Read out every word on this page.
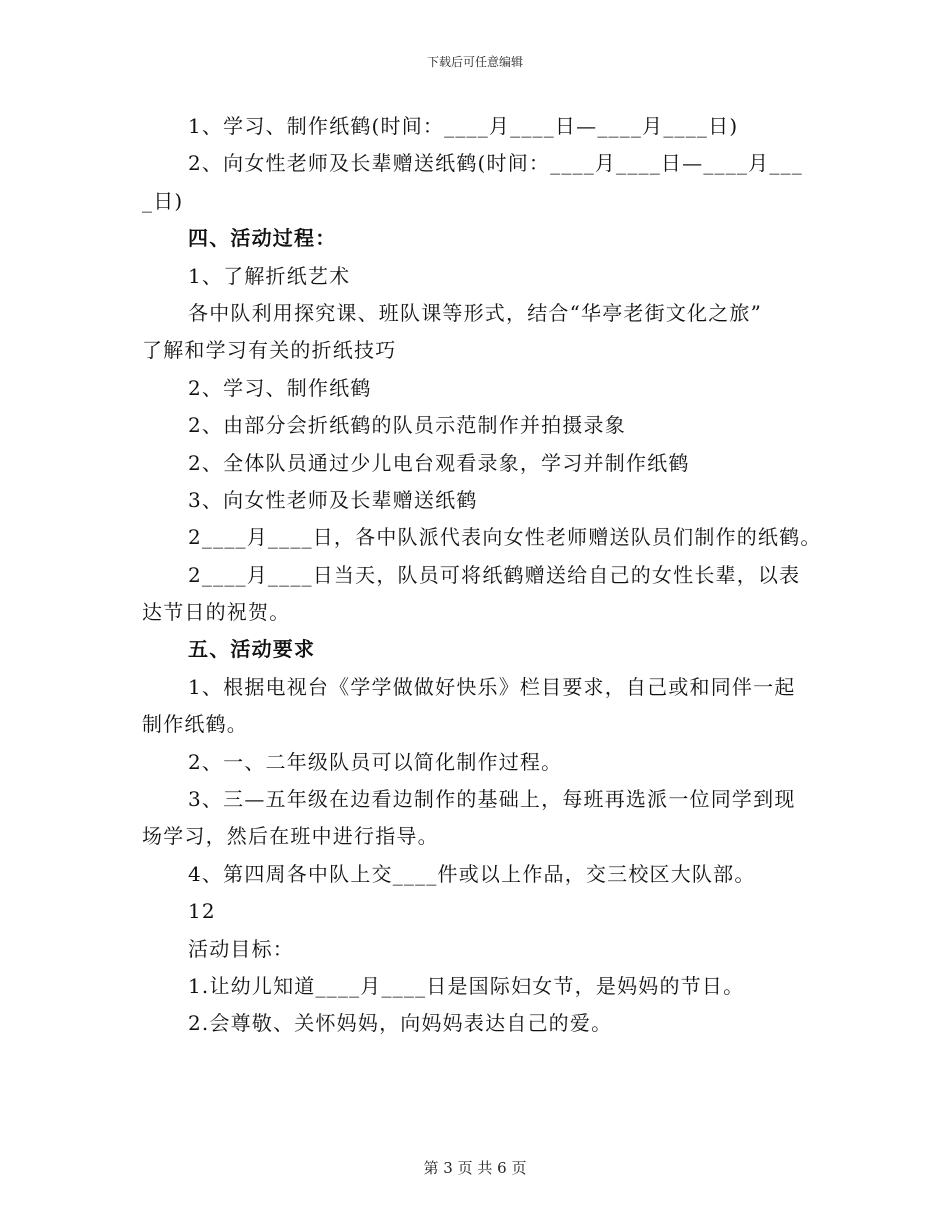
下载后可任意编辑
1、学习、制作纸鹤(时间：____月____日—____月____日)
2、向女性老师及长辈赠送纸鹤(时间：____月____日—____月___
_日)
四、活动过程：
1、了解折纸艺术
各中队利用探究课、班队课等形式，结合“华亭老街文化之旅”
了解和学习有关的折纸技巧
2、学习、制作纸鹤
2、由部分会折纸鹤的队员示范制作并拍摄录象
2、全体队员通过少儿电台观看录象，学习并制作纸鹤
3、向女性老师及长辈赠送纸鹤
2____月____日，各中队派代表向女性老师赠送队员们制作的纸鹤。
2____月____日当天，队员可将纸鹤赠送给自己的女性长辈，以表
达节日的祝贺。
五、活动要求
1、根据电视台《学学做做好快乐》栏目要求，自己或和同伴一起
制作纸鹤。
2、一、二年级队员可以简化制作过程。
3、三—五年级在边看边制作的基础上，每班再选派一位同学到现
场学习，然后在班中进行指导。
4、第四周各中队上交____件或以上作品，交三校区大队部。
12
活动目标：
1.让幼儿知道____月____日是国际妇女节，是妈妈的节日。
2.会尊敬、关怀妈妈，向妈妈表达自己的爱。
第 3 页 共 6 页
